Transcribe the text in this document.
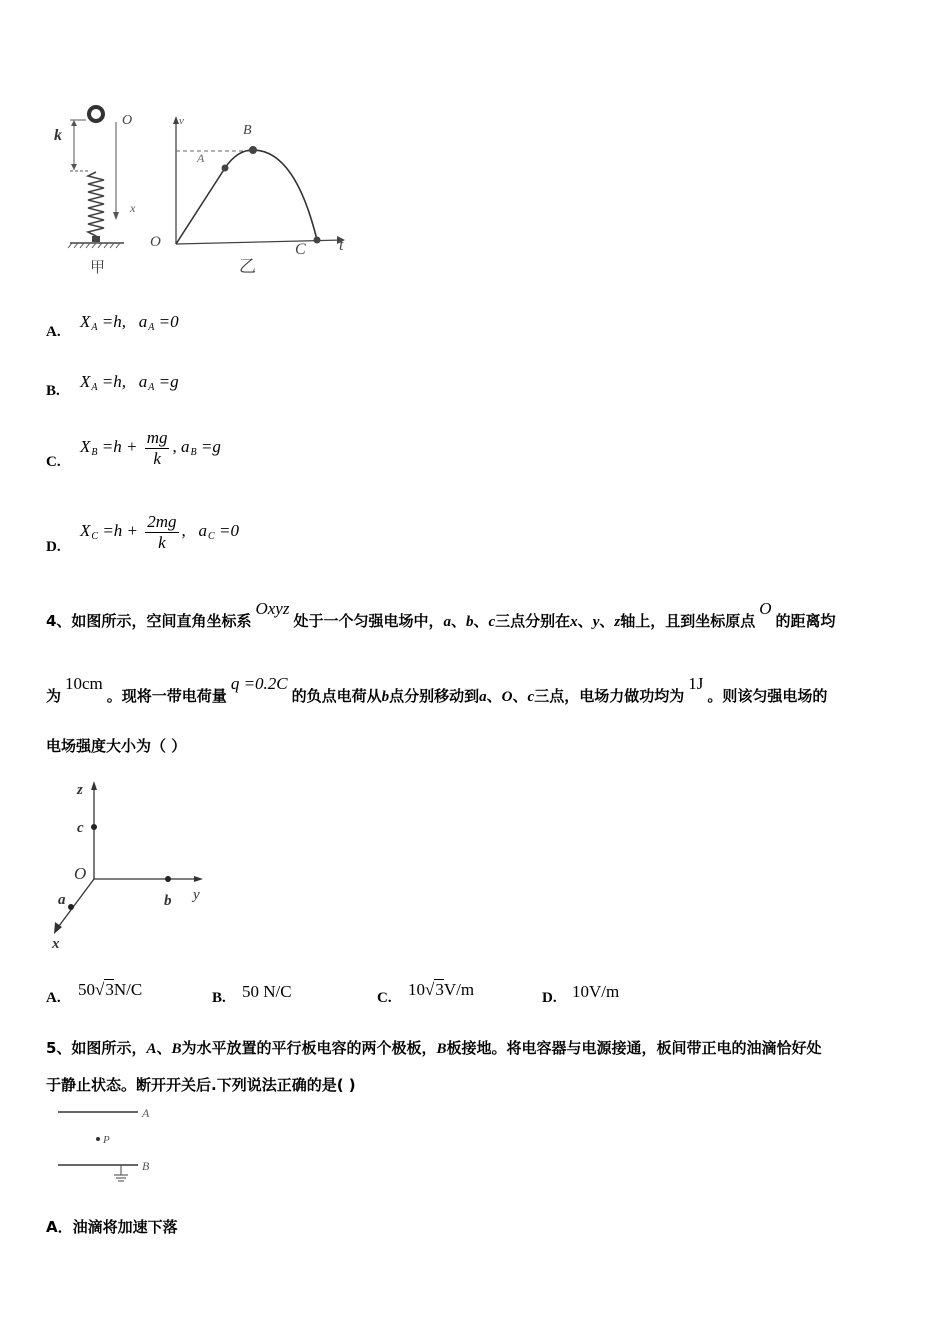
k
O
x
甲
v
t
O
A
B
C
乙
A.
$X_A =h$, $a_A =0$
B. $X_A =h$, $a_A =g$
C.
$X_B =h + \frac{mg}{k}$ , $a_B =g$
D.
$X_C =h + \frac{2mg}{k}$ , $a_C =0$
4、如图所示，空间直角坐标系Oxyz处于一个匀强电场中，a、b、c三点分别在x、y、z轴上，且到坐标原点O的距离均
为10cm。现将一带电荷量q =0.2C的负点电荷从b点分别移动到a、O、c三点，电场力做功均为1J。则该匀强电场的
电场强度大小为（ ）
z
c
O
a	b y
x
A. 50√3N/C	B. 50 N/C	C. 10√3V/m	D. 10V/m
5、如图所示，A、B为水平放置的平行板电容的两个极板，B板接地。将电容器与电源接通，板间带正电的油滴恰好处
于静止状态。断开开关后.下列说法正确的是( )
A
P
B
A．油滴将加速下落
